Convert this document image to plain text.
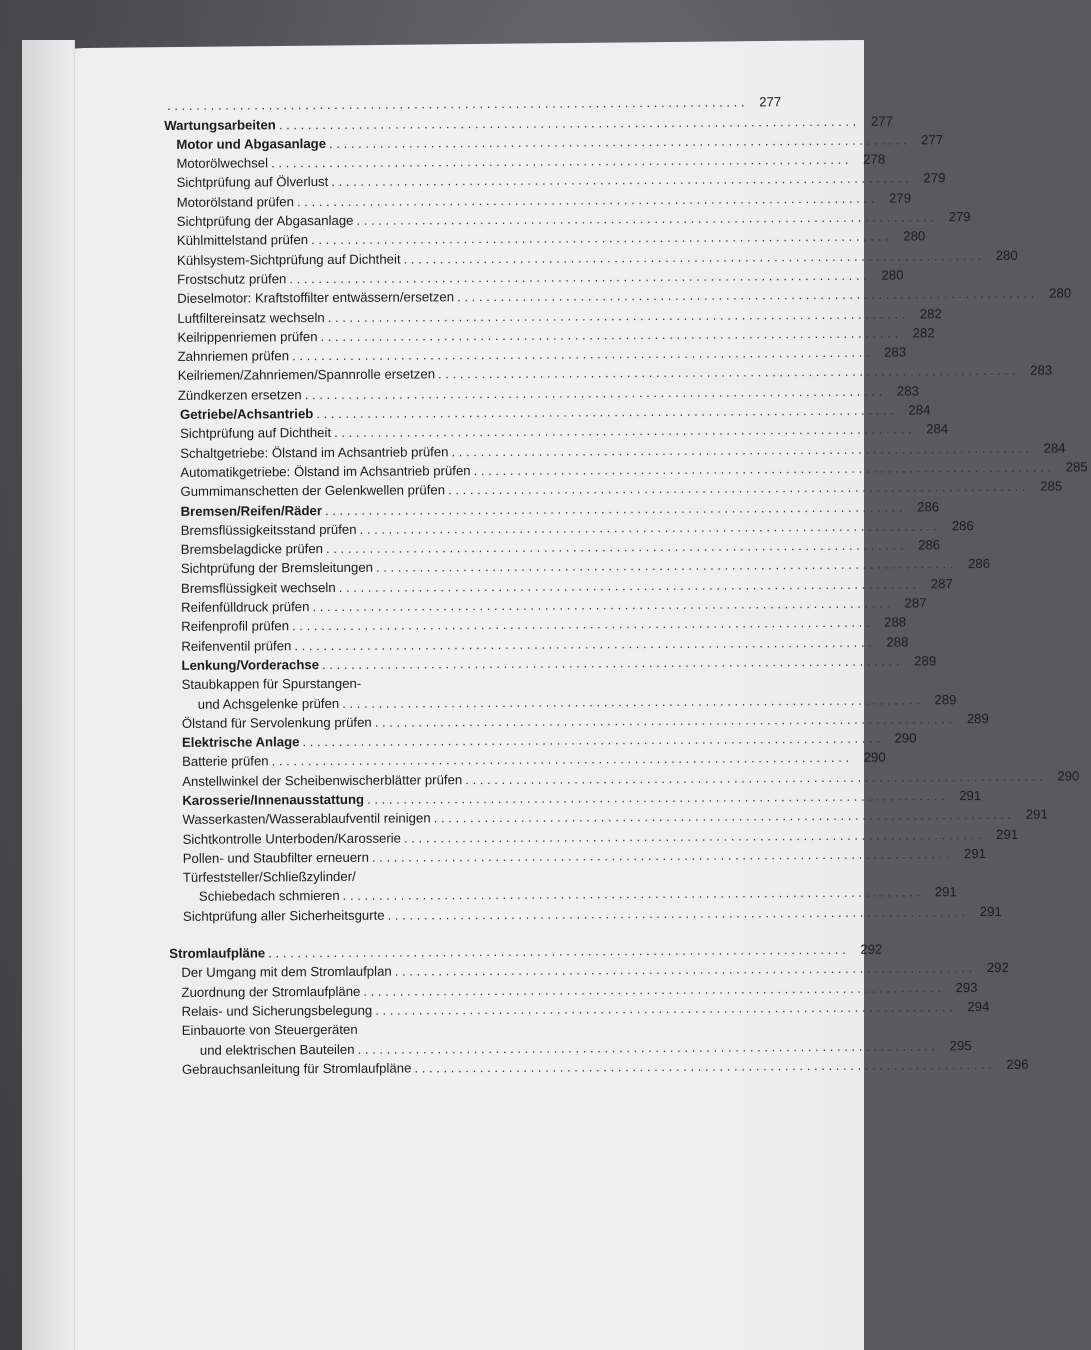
................................................................................ 277
Wartungsarbeiten ................................................................................ 277
Motor und Abgasanlage ................................................................................ 277
Motorölwechsel ................................................................................ 278
Sichtprüfung auf Ölverlust ................................................................................ 279
Motorölstand prüfen ................................................................................ 279
Sichtprüfung der Abgasanlage ................................................................................ 279
Kühlmittelstand prüfen ................................................................................ 280
Kühlsystem-Sichtprüfung auf Dichtheit ................................................................................ 280
Frostschutz prüfen ................................................................................ 280
Dieselmotor: Kraftstoffilter entwässern/ersetzen ................................................................................ 280
Luftfiltereinsatz wechseln ................................................................................ 282
Keilrippenriemen prüfen ................................................................................ 282
Zahnriemen prüfen ................................................................................ 283
Keilriemen/Zahnriemen/Spannrolle ersetzen ................................................................................ 283
Zündkerzen ersetzen ................................................................................ 283
Getriebe/Achsantrieb ................................................................................ 284
Sichtprüfung auf Dichtheit ................................................................................ 284
Schaltgetriebe: Ölstand im Achsantrieb prüfen ................................................................................ 284
Automatikgetriebe: Ölstand im Achsantrieb prüfen ................................................................................ 285
Gummimanschetten der Gelenkwellen prüfen ................................................................................ 285
Bremsen/Reifen/Räder ................................................................................ 286
Bremsflüssigkeitsstand prüfen ................................................................................ 286
Bremsbelagdicke prüfen ................................................................................ 286
Sichtprüfung der Bremsleitungen ................................................................................ 286
Bremsflüssigkeit wechseln ................................................................................ 287
Reifenfülldruck prüfen ................................................................................ 287
Reifenprofil prüfen ................................................................................ 288
Reifenventil prüfen ................................................................................ 288
Lenkung/Vorderachse ................................................................................ 289
Staubkappen für Spurstangen-
und Achsgelenke prüfen ................................................................................ 289
Ölstand für Servolenkung prüfen ................................................................................ 289
Elektrische Anlage ................................................................................ 290
Batterie prüfen ................................................................................ 290
Anstellwinkel der Scheibenwischerblätter prüfen ................................................................................ 290
Karosserie/Innenausstattung ................................................................................ 291
Wasserkasten/Wasserablaufventil reinigen ................................................................................ 291
Sichtkontrolle Unterboden/Karosserie ................................................................................ 291
Pollen- und Staubfilter erneuern ................................................................................ 291
Türfeststeller/Schließzylinder/
Schiebedach schmieren ................................................................................ 291
Sichtprüfung aller Sicherheitsgurte ................................................................................ 291
Stromlaufpläne ................................................................................ 292
Der Umgang mit dem Stromlaufplan ................................................................................ 292
Zuordnung der Stromlaufpläne ................................................................................ 293
Relais- und Sicherungsbelegung ................................................................................ 294
Einbauorte von Steuergeräten
und elektrischen Bauteilen ................................................................................ 295
Gebrauchsanleitung für Stromlaufpläne ................................................................................ 296
